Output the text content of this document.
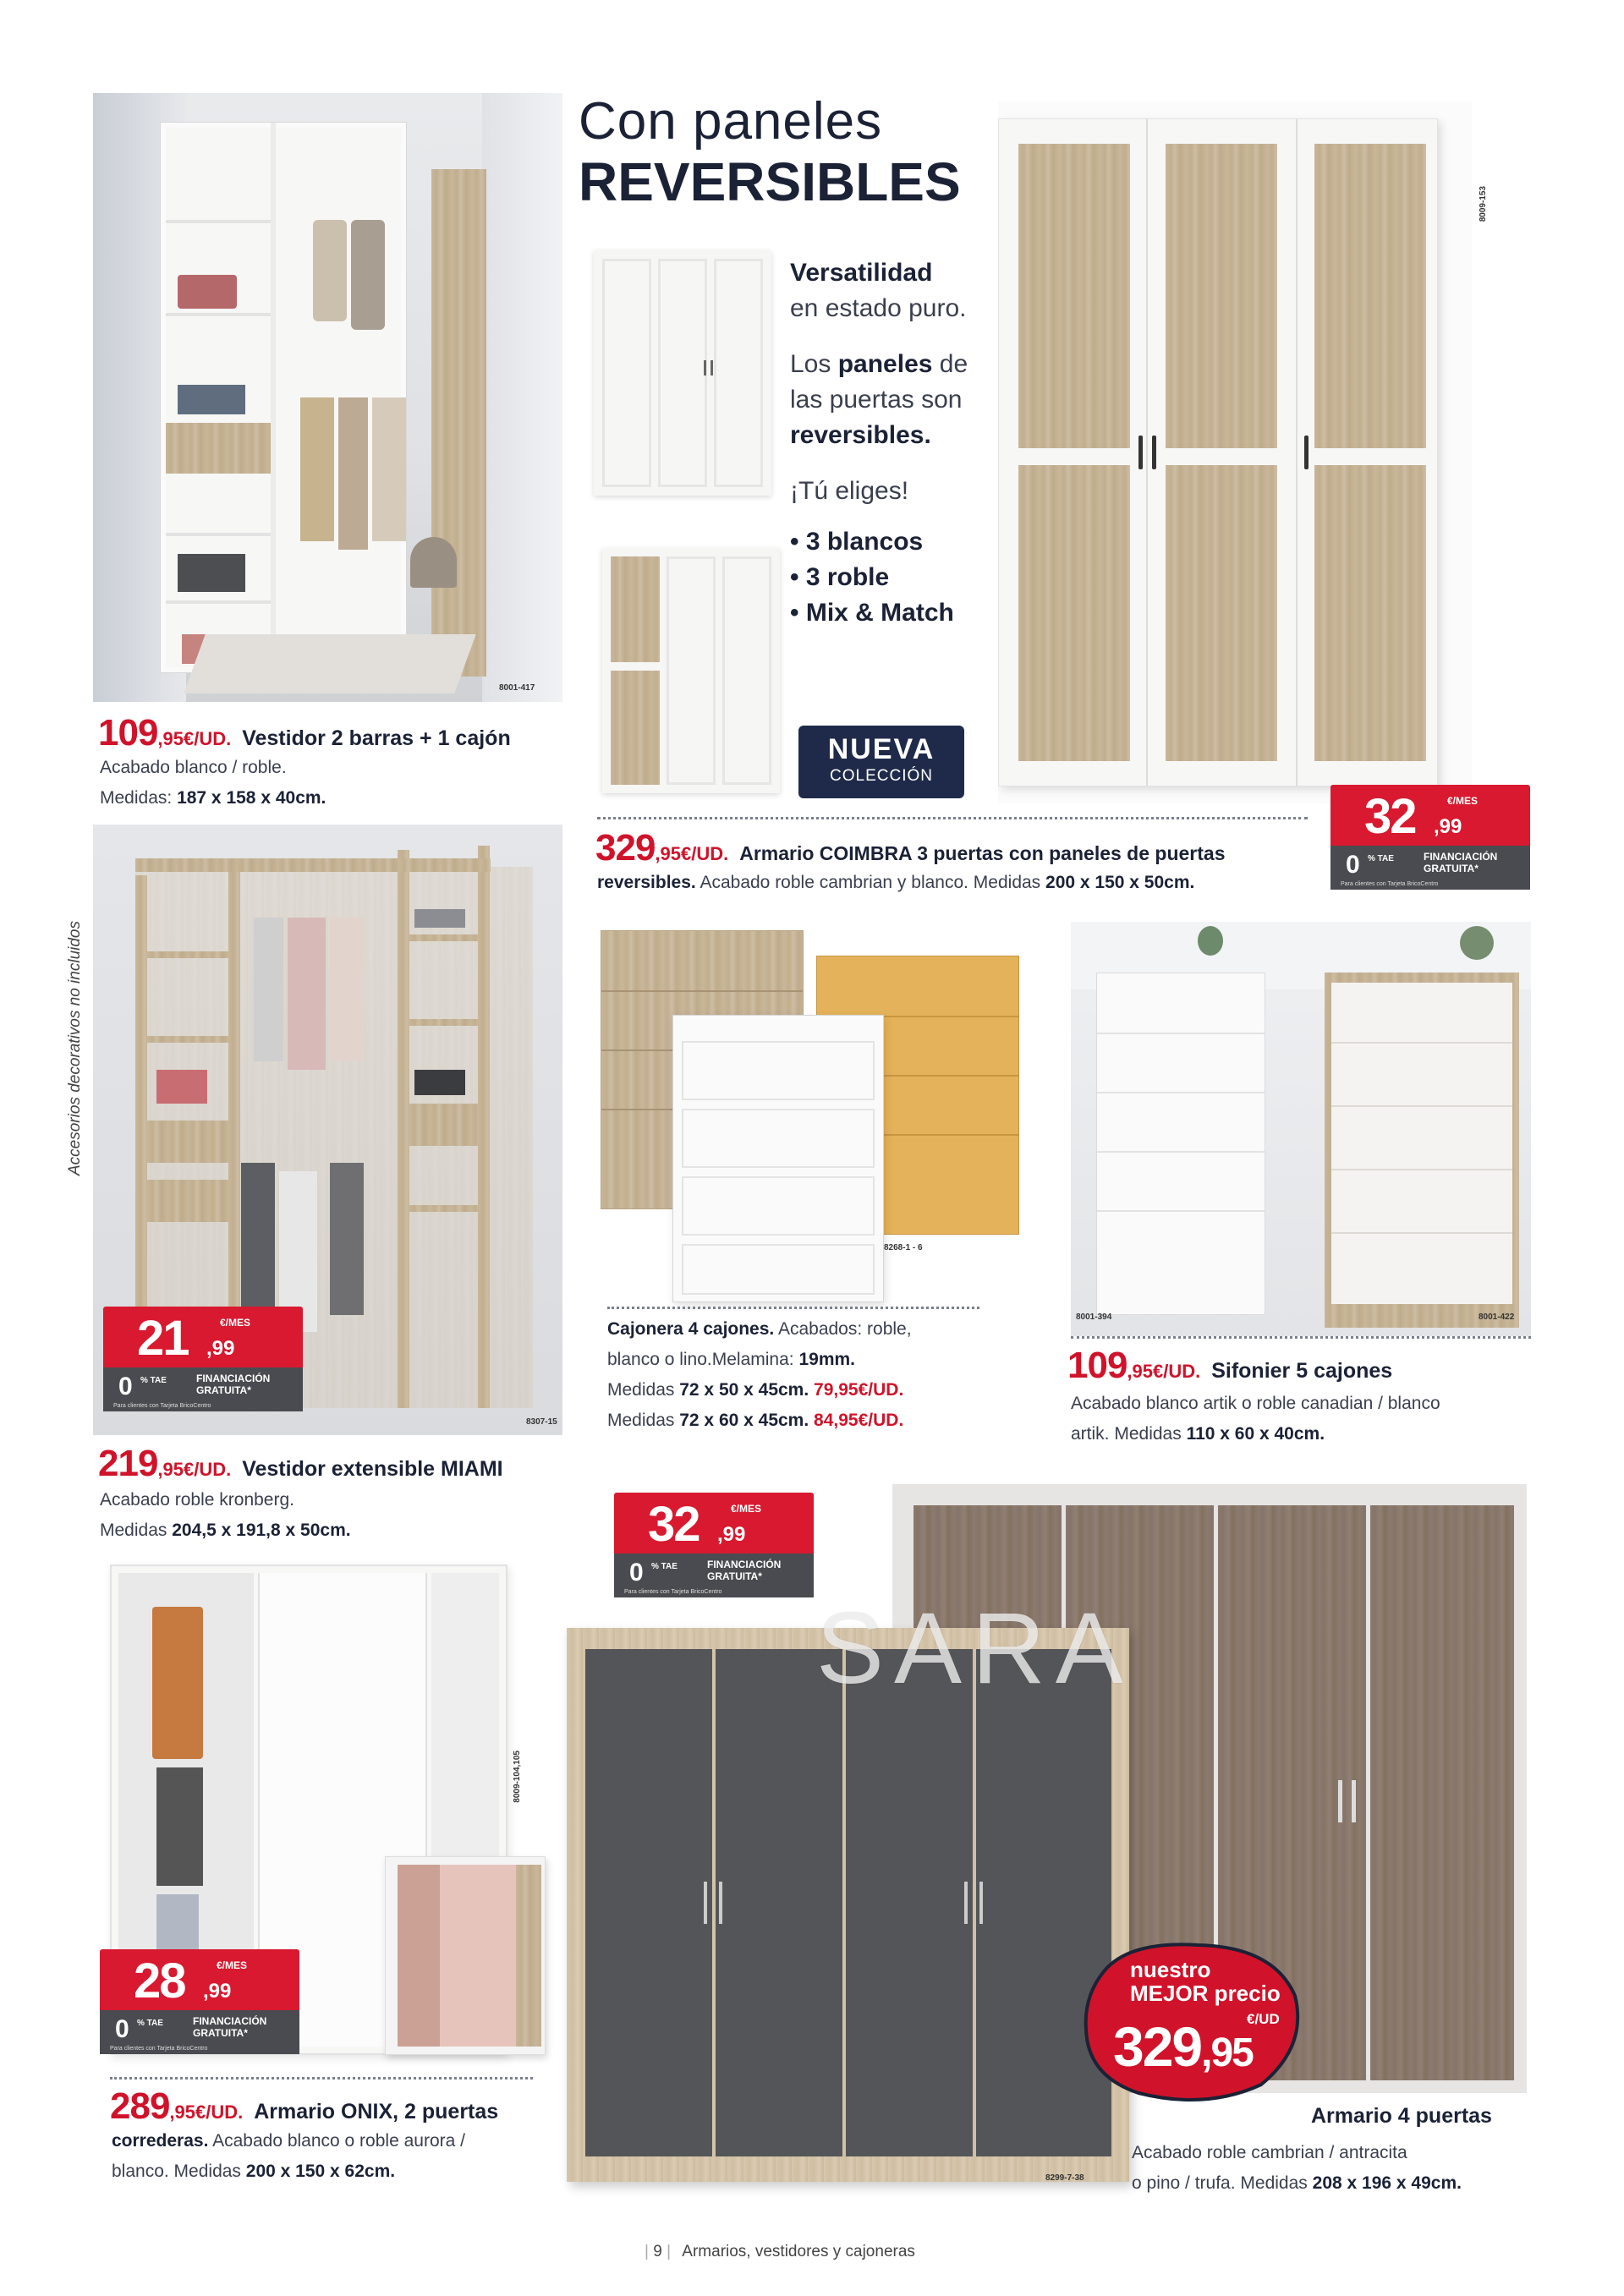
8001-417
109,95€/UD. Vestidor 2 barras + 1 cajón
Acabado blanco / roble.
Medidas: 187 x 158 x 40cm.
Con paneles
REVERSIBLES
Versatilidad
en estado puro.
Los paneles de
las puertas son
reversibles.
¡Tú eliges!
• 3 blancos
• 3 roble
• Mix & Match
NUEVA
COLECCIÓN
8009-153
32	€/MES
,99
0 % TAE	FINANCIACIÓN
GRATUITA*
Para clientes con Tarjeta BricoCentro
329,95€/UD. Armario COIMBRA 3 puertas con paneles de puertas
reversibles. Acabado roble cambrian y blanco. Medidas 200 x 150 x 50cm.
Accesorios decorativos no incluidos
8307-15
21	€/MES
,99
0 % TAE	FINANCIACIÓN
GRATUITA*
Para clientes con Tarjeta BricoCentro
219,95€/UD. Vestidor extensible MIAMI
Acabado roble kronberg.
Medidas 204,5 x 191,8 x 50cm.
8268-1 - 6
Cajonera 4 cajones. Acabados: roble,
blanco o lino.Melamina: 19mm.
Medidas 72 x 50 x 45cm. 79,95€/UD.
Medidas 72 x 60 x 45cm. 84,95€/UD.
8001-394	8001-422
109,95€/UD. Sifonier 5 cajones
Acabado blanco artik o roble canadian / blanco
artik. Medidas 110 x 60 x 40cm.
8009-104,105
28	€/MES
,99
0 % TAE	FINANCIACIÓN
GRATUITA*
Para clientes con Tarjeta BricoCentro
289,95€/UD. Armario ONIX, 2 puertas
correderas. Acabado blanco o roble aurora /
blanco. Medidas 200 x 150 x 62cm.
SARA
8299-7-38
32	€/MES
,99
0 % TAE	FINANCIACIÓN
GRATUITA*
Para clientes con Tarjeta BricoCentro
nuestro
MEJOR precio
€/UD
329,95
Armario 4 puertas
Acabado roble cambrian / antracita
o pino / trufa. Medidas 208 x 196 x 49cm.
| 9 | Armarios, vestidores y cajoneras
